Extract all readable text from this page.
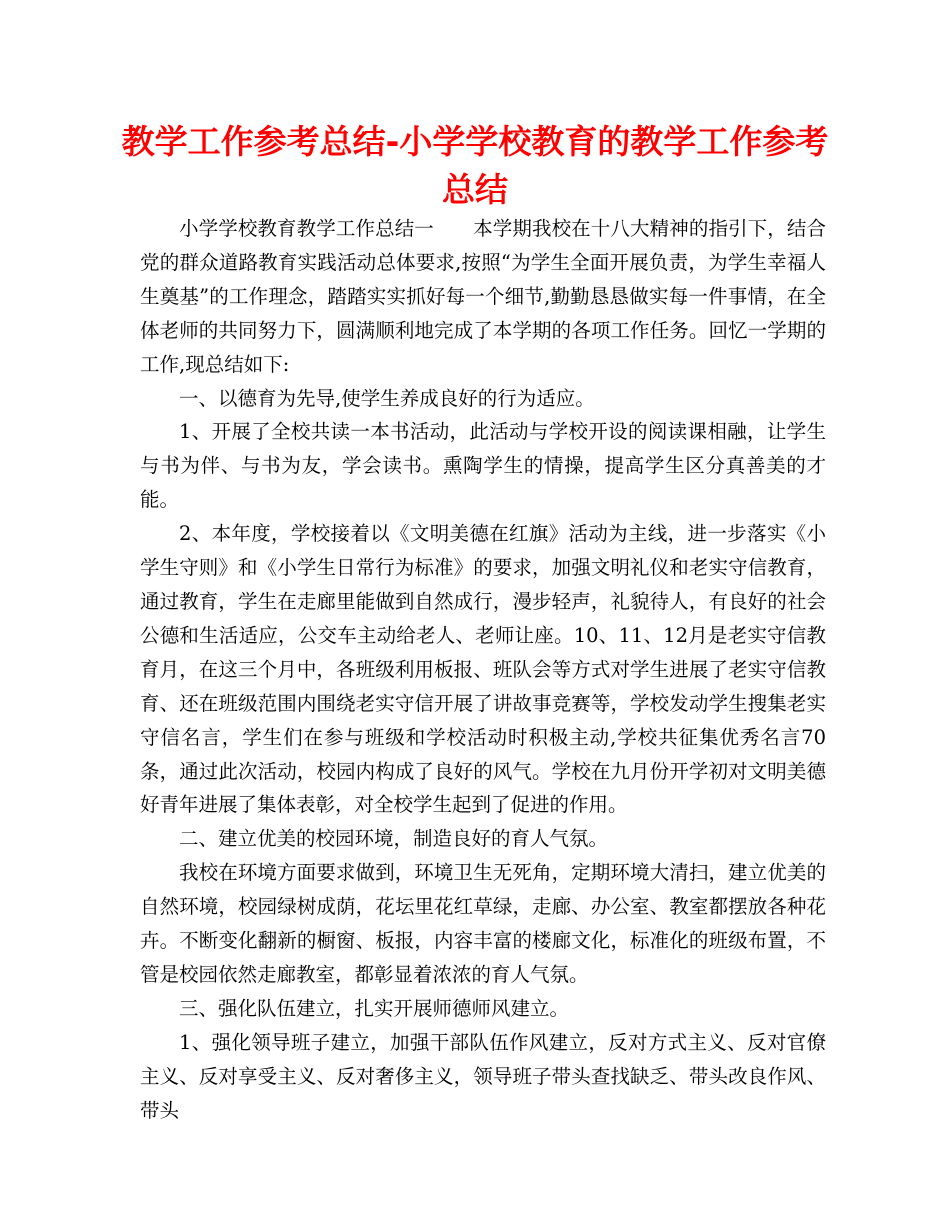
教学工作参考总结-小学学校教育的教学工作参考总结

小学学校教育教学工作总结一　　本学期我校在十八大精神的指引下，结合党的群众道路教育实践活动总体要求,按照“为学生全面开展负责，为学生幸福人生奠基”的工作理念，踏踏实实抓好每一个细节,勤勤恳恳做实每一件事情，在全体老师的共同努力下，圆满顺利地完成了本学期的各项工作任务。回忆一学期的工作,现总结如下:

一、以德育为先导,使学生养成良好的行为适应。

1、开展了全校共读一本书活动，此活动与学校开设的阅读课相融，让学生与书为伴、与书为友，学会读书。熏陶学生的情操，提高学生区分真善美的才能。

2、本年度，学校接着以《文明美德在红旗》活动为主线，进一步落实《小学生守则》和《小学生日常行为标准》的要求，加强文明礼仪和老实守信教育，通过教育，学生在走廊里能做到自然成行，漫步轻声，礼貌待人，有良好的社会公德和生活适应，公交车主动给老人、老师让座。10、11、12月是老实守信教育月，在这三个月中，各班级利用板报、班队会等方式对学生进展了老实守信教育、还在班级范围内围绕老实守信开展了讲故事竞赛等，学校发动学生搜集老实守信名言，学生们在参与班级和学校活动时积极主动,学校共征集优秀名言70条，通过此次活动，校园内构成了良好的风气。学校在九月份开学初对文明美德好青年进展了集体表彰，对全校学生起到了促进的作用。

二、建立优美的校园环境，制造良好的育人气氛。

我校在环境方面要求做到，环境卫生无死角，定期环境大清扫，建立优美的自然环境，校园绿树成荫，花坛里花红草绿，走廊、办公室、教室都摆放各种花卉。不断变化翻新的橱窗、板报，内容丰富的楼廊文化，标准化的班级布置，不管是校园依然走廊教室，都彰显着浓浓的育人气氛。

三、强化队伍建立，扎实开展师德师风建立。

1、强化领导班子建立，加强干部队伍作风建立，反对方式主义、反对官僚主义、反对享受主义、反对奢侈主义，领导班子带头查找缺乏、带头改良作风、带头
